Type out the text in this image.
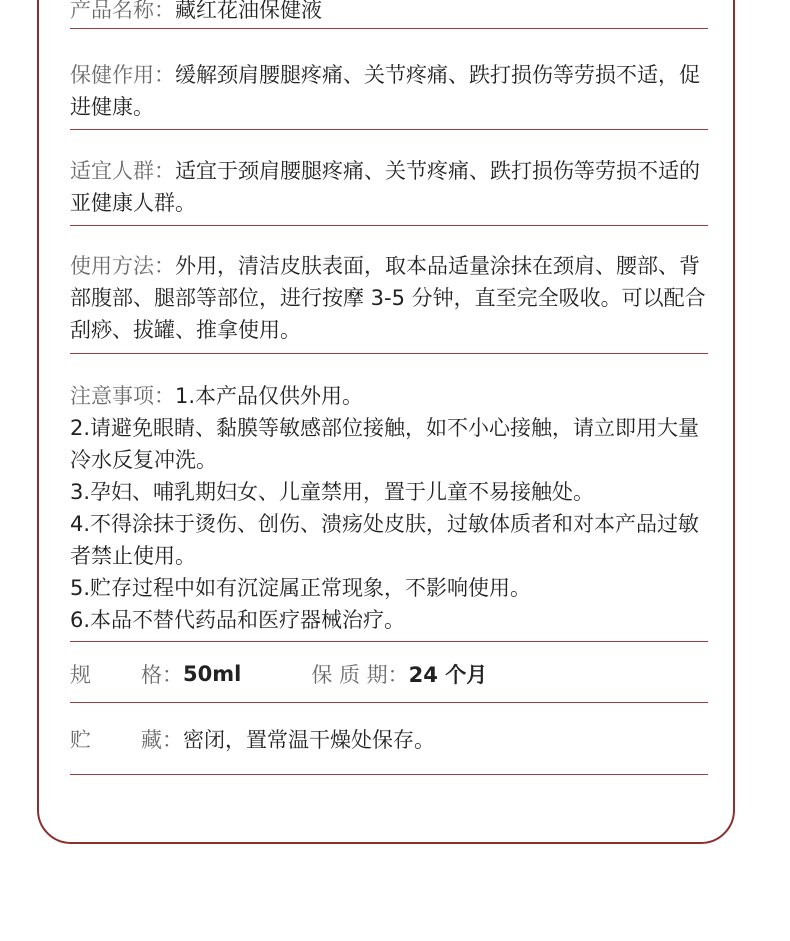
产品名称：藏红花油保健液

保健作用：缓解颈肩腰腿疼痛、关节疼痛、跌打损伤等劳损不适，促进健康。

适宜人群：适宜于颈肩腰腿疼痛、关节疼痛、跌打损伤等劳损不适的亚健康人群。

使用方法：外用，清洁皮肤表面，取本品适量涂抹在颈肩、腰部、背部腹部、腿部等部位，进行按摩 3-5 分钟，直至完全吸收。可以配合刮痧、拔罐、推拿使用。

注意事项：1.本产品仅供外用。

2.请避免眼睛、黏膜等敏感部位接触，如不小心接触，请立即用大量冷水反复冲洗。

3.孕妇、哺乳期妇女、儿童禁用，置于儿童不易接触处。

4.不得涂抹于烫伤、创伤、溃疡处皮肤，过敏体质者和对本产品过敏者禁止使用。

5.贮存过程中如有沉淀属正常现象，不影响使用。

6.本品不替代药品和医疗器械治疗。

规 格： 50ml	保 质 期： 24 个月
贮 藏： 密闭，置常温干燥处保存。
